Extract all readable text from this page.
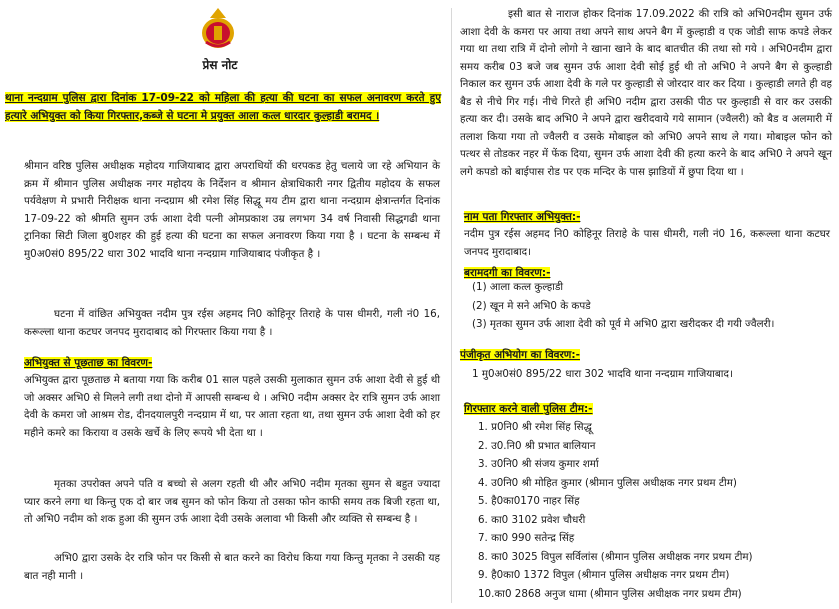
प्रेस नोट

थाना नन्दग्राम पुलिस द्वारा दिनांक 17-09-22 को महिला की हत्या की घटना का सफल अनावरण करते हुए हत्यारे अभियुक्त को किया गिरफ्तार,कब्जे से घटना मे प्रयुक्त आला कत्ल धारदार कुल्हाडी बरामद ।

श्रीमान वरिष्ठ पुलिस अधीक्षक महोदय गाजियाबाद द्वारा अपराधियों की धरपकड हेतु चलाये जा रहे अभियान के क्रम में श्रीमान पुलिस अधीक्षक नगर महोदय के निर्देशन व श्रीमान क्षेत्राधिकारी नगर द्वितीय महोदय के सफल पर्यवेक्षण मे प्रभारी निरीक्षक थाना नन्दग्राम श्री रमेश सिंह सिद्धू मय टीम द्वारा थाना नन्दग्राम क्षेत्रान्तर्गत दिनांक 17-09-22 को श्रीमति सुमन उर्फ आशा देवी पत्नी ओमप्रकाश उम्र लगभग 34 वर्ष निवासी सिद्धगढी थाना ट्रानिका सिटी जिला बु0शहर की हुई हत्या की घटना का सफल अनावरण किया गया है । घटना के सम्बन्ध में मु0अ0सं0 895/22 धारा 302 भादवि थाना नन्दग्राम गाजियाबाद पंजीकृत है ।

घटना में वांछित अभियुक्त नदीम पुत्र रईस अहमद नि0 कोहिनूर तिराहे के पास धीमरी, गली नं0 16, करूल्ला थाना कटघर जनपद मुरादाबाद को गिरफ्तार किया गया है ।

अभियुक्त से पूछताछ का विवरण-

अभियुक्त द्वारा पूछताछ मे बताया गया कि करीब 01 साल पहले उसकी मुलाकात सुमन उर्फ आशा देवी से हुई थी जो अक्सर अभि0 से मिलने लगी तथा दोनो में आपसी सम्बन्ध थे । अभि0 नदीम अक्सर देर रात्रि सुमन उर्फ आशा देवी के कमरा जो आश्रम रोड, दीनदयालपुरी नन्दग्राम में था, पर आता रहता था, तथा सुमन उर्फ आशा देवी को हर महीने कमरे का किराया व उसके खर्चे के लिए रूपये भी देता था ।

मृतका उपरोक्त अपने पति व बच्चो से अलग रहती थी और अभि0 नदीम मृतका सुमन से बहुत ज्यादा प्यार करने लगा था किन्तु एक दो बार जब सुमन को फोन किया तो उसका फोन काफी समय तक बिजी रहता था, तो अभि0 नदीम को शक हुआ की सुमन उर्फ आशा देवी उसके अलावा भी किसी और व्यक्ति से सम्बन्ध है ।

अभि0 द्वारा उसके देर रात्रि फोन पर किसी से बात करने का विरोध किया गया किन्तु मृतका ने उसकी यह बात नही मानी ।

इसी बात से नाराज होकर दिनांक 17.09.2022 की रात्रि को अभि0नदीम सुमन उर्फ आशा देवी के कमरा पर आया तथा अपने साथ अपने बैग में कुल्हाडी व एक जोडी साफ कपडे लेकर गया था तथा रात्रि में दोनो लोगो ने खाना खाने के बाद बातचीत की तथा सो गये । अभि0नदीम द्वारा समय करीब 03 बजे जब सुमन उर्फ आशा देवी सोई हुई थी तो अभि0 ने अपने बैग से कुल्हाडी निकाल कर सुमन उर्फ आशा देवी के गले पर कुल्हाडी से जोरदार वार कर दिया । कुल्हाडी लगते ही वह बैड से नीचे गिर गई। नीचे गिरते ही अभि0 नदीम द्वारा उसकी पीठ पर कुल्हाडी से वार कर उसकी हत्या कर दी। उसके बाद अभि0 ने अपने द्वारा खरीदवाये गये सामान (ज्वैलरी) को बैड व अलमारी में तलाश किया गया तो ज्वैलरी व उसके मोबाइल को अभि0 अपने साथ ले गया। मोबाइल फोन को पत्थर से तोडकर नहर में फेंक दिया, सुमन उर्फ आशा देवी की हत्या करने के बाद अभि0 ने अपने खून लगे कपडो को बाईपास रोड पर एक मन्दिर के पास झाडियों में छुपा दिया था ।

नाम पता गिरफ्तार अभियुक्त:-

नदीम पुत्र रईस अहमद नि0 कोहिनूर तिराहे के पास धीमरी, गली नं0 16, करूल्ला थाना कटघर जनपद मुरादाबाद।

बरामदगी का विवरण:-
(1) आला कत्ल कुल्हाडी
(2) खून मे सने अभि0 के कपडे
(3) मृतका सुमन उर्फ आशा देवी को पूर्व मे अभि0 द्वारा खरीदकर दी गयी ज्वैलरी।
पंजीकृत अभियोग का विवरण:-
1 मु0अ0सं0 895/22 धारा 302 भादवि थाना नन्दग्राम गाजियाबाद।
गिरफ्तार करने वाली पुलिस टीम:-
1. प्र0नि0 श्री रमेश सिंह सिद्धू
2. उ0.नि0 श्री प्रभात बालियान
3. उ0नि0 श्री संजय कुमार शर्मा
4. उ0नि0 श्री मोहित कुमार (श्रीमान पुलिस अधीक्षक नगर प्रथम टीम)
5. है0का0170 नाहर सिंह
6. का0 3102 प्रवेश चौधरी
7. का0 990 सतेन्द्र सिंह
8. का0 3025 विपुल सर्विलांस (श्रीमान पुलिस अधीक्षक नगर प्रथम टीम)
9. है0का0 1372 विपुल (श्रीमान पुलिस अधीक्षक नगर प्रथम टीम)
10.का0 2868 अनुज धामा (श्रीमान पुलिस अधीक्षक नगर प्रथम टीम)
